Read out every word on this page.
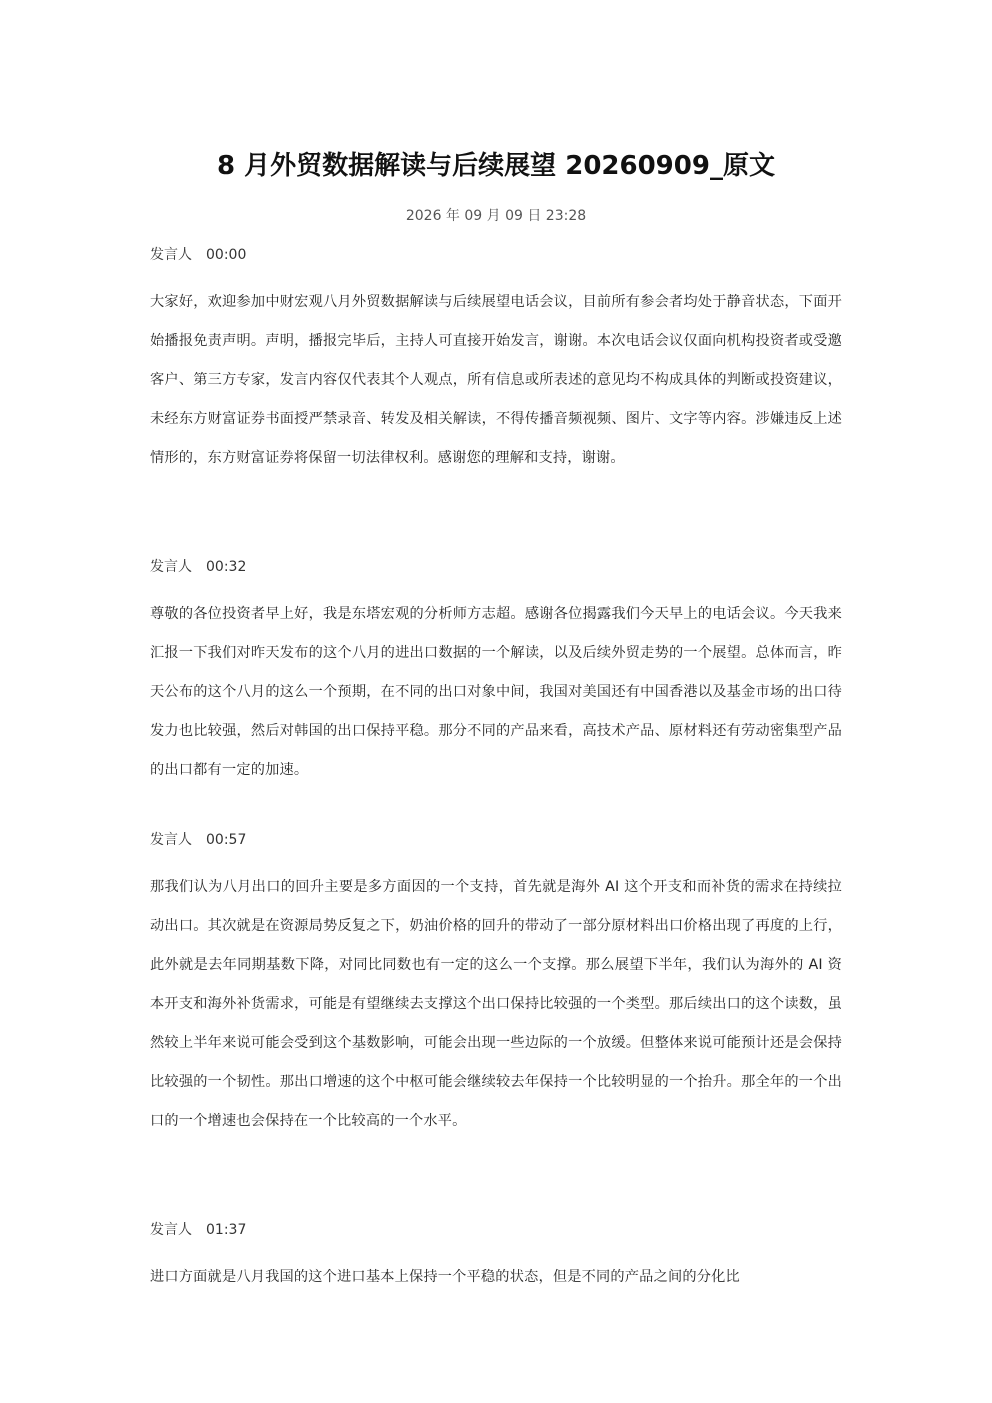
8 月外贸数据解读与后续展望 20260909_原文
2026 年 09 月 09 日 23:28
发言人 00:00
大家好，欢迎参加中财宏观八月外贸数据解读与后续展望电话会议，目前所有参会者均处于静音状态，下面开始播报免责声明。声明，播报完毕后，主持人可直接开始发言，谢谢。本次电话会议仅面向机构投资者或受邀客户、第三方专家，发言内容仅代表其个人观点，所有信息或所表述的意见均不构成具体的判断或投资建议，未经东方财富证券书面授严禁录音、转发及相关解读，不得传播音频视频、图片、文字等内容。涉嫌违反上述情形的，东方财富证券将保留一切法律权利。感谢您的理解和支持，谢谢。
发言人 00:32
尊敬的各位投资者早上好，我是东塔宏观的分析师方志超。感谢各位揭露我们今天早上的电话会议。今天我来汇报一下我们对昨天发布的这个八月的进出口数据的一个解读，以及后续外贸走势的一个展望。总体而言，昨天公布的这个八月的这么一个预期，在不同的出口对象中间，我国对美国还有中国香港以及基金市场的出口待发力也比较强，然后对韩国的出口保持平稳。那分不同的产品来看，高技术产品、原材料还有劳动密集型产品的出口都有一定的加速。
发言人 00:57
那我们认为八月出口的回升主要是多方面因的一个支持，首先就是海外 AI 这个开支和而补货的需求在持续拉动出口。其次就是在资源局势反复之下，奶油价格的回升的带动了一部分原材料出口价格出现了再度的上行，此外就是去年同期基数下降，对同比同数也有一定的这么一个支撑。那么展望下半年，我们认为海外的 AI 资本开支和海外补货需求，可能是有望继续去支撑这个出口保持比较强的一个类型。那后续出口的这个读数，虽然较上半年来说可能会受到这个基数影响，可能会出现一些边际的一个放缓。但整体来说可能预计还是会保持比较强的一个韧性。那出口增速的这个中枢可能会继续较去年保持一个比较明显的一个抬升。那全年的一个出口的一个增速也会保持在一个比较高的一个水平。
发言人 01:37
进口方面就是八月我国的这个进口基本上保持一个平稳的状态，但是不同的产品之间的分化比
